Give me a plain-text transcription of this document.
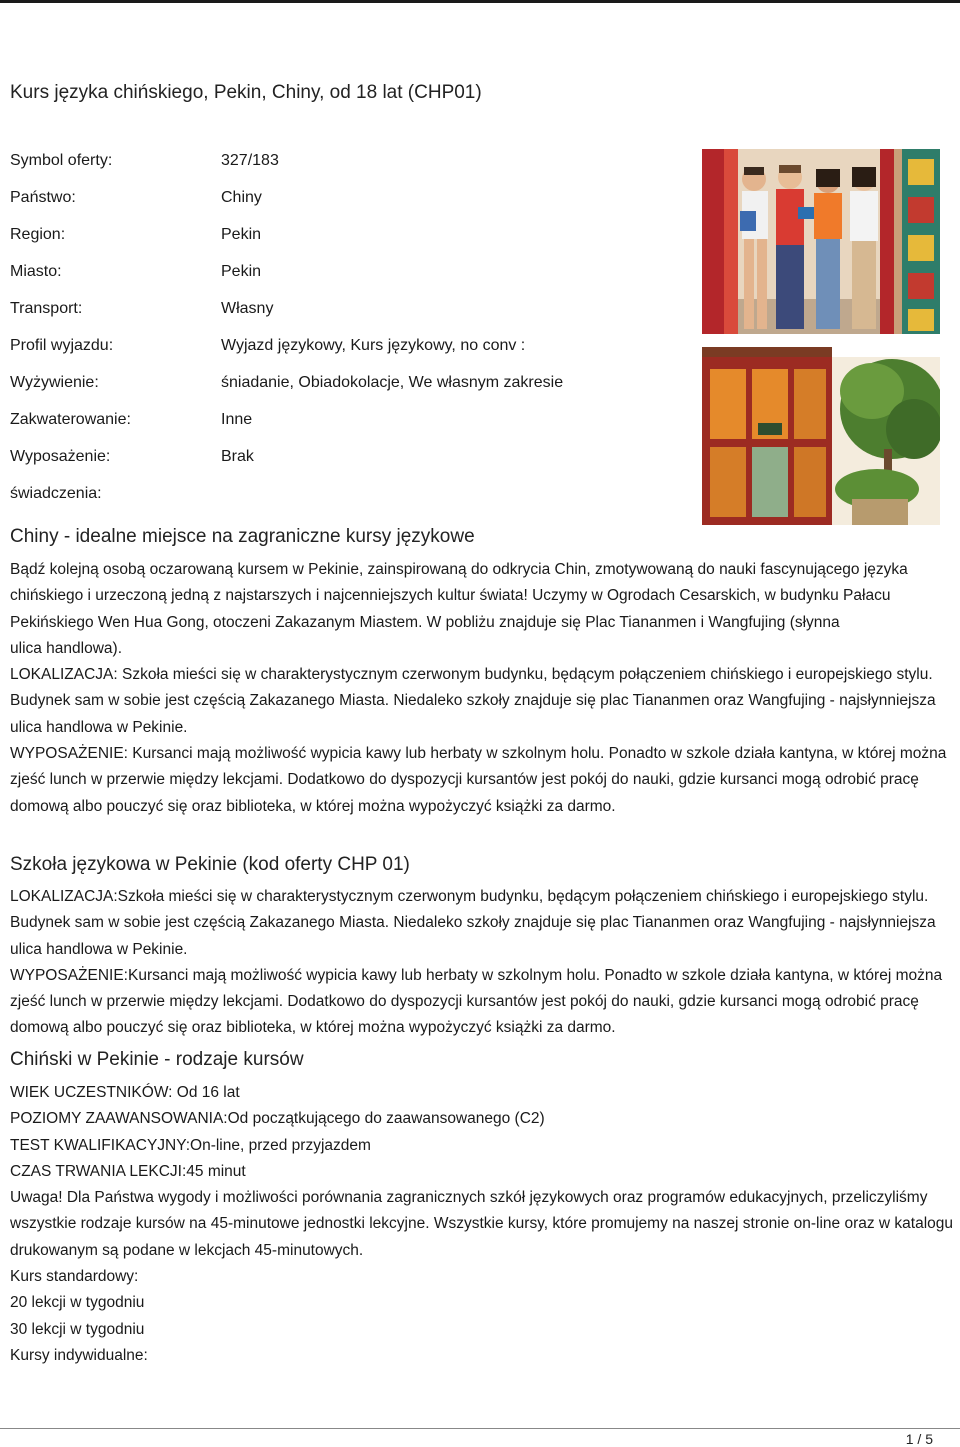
Kurs języka chińskiego, Pekin, Chiny, od 18 lat (CHP01)
Symbol oferty:	327/183
Państwo:	Chiny
Region:	Pekin
Miasto:	Pekin
Transport:	Własny
Profil wyjazdu:	Wyjazd językowy, Kurs językowy, no conv :
Wyżywienie:	śniadanie, Obiadokolacje, We własnym zakresie
Zakwaterowanie:	Inne
Wyposażenie:	Brak
świadczenia:
Chiny - idealne miejsce na zagraniczne kursy językowe

Bądź kolejną osobą oczarowaną kursem w Pekinie, zainspirowaną do odkrycia Chin, zmotywowaną do nauki fascynującego języka chińskiego i urzeczoną jedną z najstarszych i najcenniejszych kultur świata! Uczymy w Ogrodach Cesarskich, w budynku Pałacu Pekińskiego Wen Hua Gong, otoczeni Zakazanym Miastem. W pobliżu znajduje się Plac Tiananmen i Wangfujing (słynna

ulica handlowa).

LOKALIZACJA: Szkoła mieści się w charakterystycznym czerwonym budynku, będącym połączeniem chińskiego i europejskiego stylu. Budynek sam w sobie jest częścią Zakazanego Miasta. Niedaleko szkoły znajduje się plac Tiananmen oraz Wangfujing - najsłynniejsza ulica handlowa w Pekinie.

WYPOSAŻENIE: Kursanci mają możliwość wypicia kawy lub herbaty w szkolnym holu. Ponadto w szkole działa kantyna, w której można zjeść lunch w przerwie między lekcjami. Dodatkowo do dyspozycji kursantów jest pokój do nauki, gdzie kursanci mogą odrobić pracę domową albo pouczyć się oraz biblioteka, w której można wypożyczyć książki za darmo.

Szkoła językowa w Pekinie (kod oferty CHP 01)

LOKALIZACJA:Szkoła mieści się w charakterystycznym czerwonym budynku, będącym połączeniem chińskiego i europejskiego stylu. Budynek sam w sobie jest częścią Zakazanego Miasta. Niedaleko szkoły znajduje się plac Tiananmen oraz Wangfujing - najsłynniejsza ulica handlowa w Pekinie.

WYPOSAŻENIE:Kursanci mają możliwość wypicia kawy lub herbaty w szkolnym holu. Ponadto w szkole działa kantyna, w której można zjeść lunch w przerwie między lekcjami. Dodatkowo do dyspozycji kursantów jest pokój do nauki, gdzie kursanci mogą odrobić pracę domową albo pouczyć się oraz biblioteka, w której można wypożyczyć książki za darmo.

Chiński w Pekinie - rodzaje kursów
WIEK UCZESTNIKÓW: Od 16 lat
POZIOMY ZAAWANSOWANIA:Od początkującego do zaawansowanego (C2)
TEST KWALIFIKACYJNY:On-line, przed przyjazdem
CZAS TRWANIA LEKCJI:45 minut

Uwaga! Dla Państwa wygody i możliwości porównania zagranicznych szkół językowych oraz programów edukacyjnych, przeliczyliśmy wszystkie rodzaje kursów na 45-minutowe jednostki lekcyjne. Wszystkie kursy, które promujemy na naszej stronie on-line oraz w katalogu drukowanym są podane w lekcjach 45-minutowych.

Kurs standardowy:
20 lekcji w tygodniu
30 lekcji w tygodniu
Kursy indywidualne:
1 / 5
